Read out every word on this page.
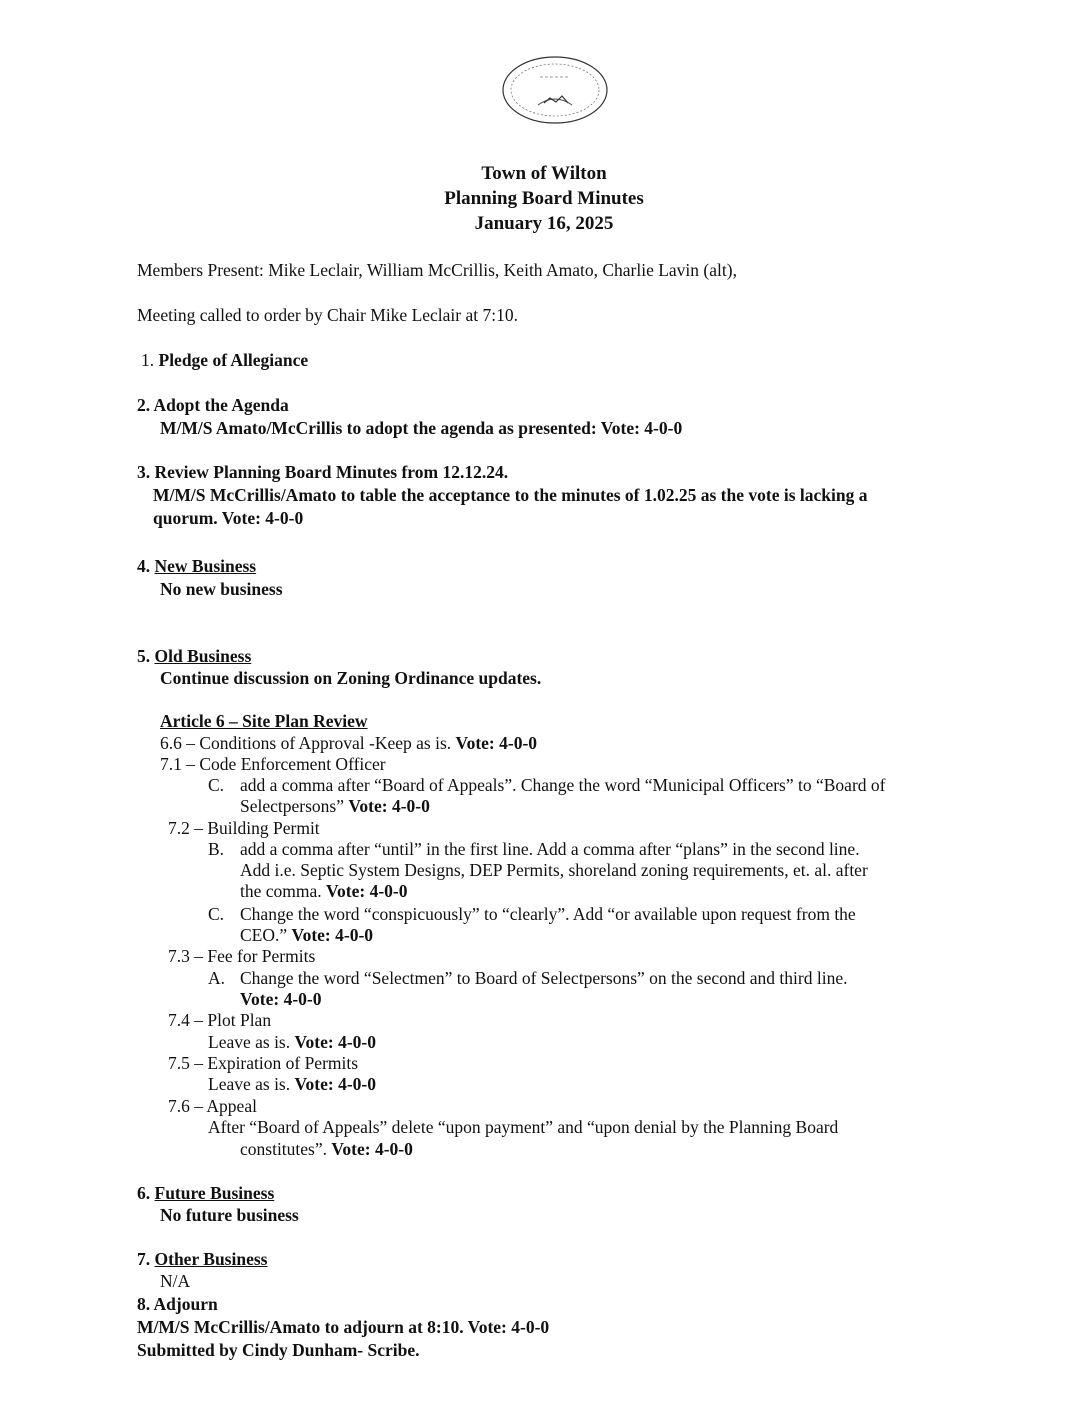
Town of Wilton
Planning Board Minutes
January 16, 2025
Members Present: Mike Leclair, William McCrillis, Keith Amato, Charlie Lavin (alt),
Meeting called to order by Chair Mike Leclair at 7:10.
1. Pledge of Allegiance
2. Adopt the Agenda
M/M/S Amato/McCrillis to adopt the agenda as presented: Vote: 4-0-0
3. Review Planning Board Minutes from 12.12.24.
M/M/S McCrillis/Amato to table the acceptance to the minutes of 1.02.25 as the vote is lacking a
quorum. Vote: 4-0-0
4. New Business
No new business
5. Old Business
Continue discussion on Zoning Ordinance updates.
Article 6 – Site Plan Review
6.6 – Conditions of Approval -Keep as is. Vote: 4-0-0
7.1 – Code Enforcement Officer
C. add a comma after “Board of Appeals”. Change the word “Municipal Officers” to “Board of
Selectpersons” Vote: 4-0-0
7.2 – Building Permit
B. add a comma after “until” in the first line. Add a comma after “plans” in the second line.
Add i.e. Septic System Designs, DEP Permits, shoreland zoning requirements, et. al. after
the comma. Vote: 4-0-0
C. Change the word “conspicuously” to “clearly”. Add “or available upon request from the
CEO.” Vote: 4-0-0
7.3 – Fee for Permits
A. Change the word “Selectmen” to Board of Selectpersons” on the second and third line.
Vote: 4-0-0
7.4 – Plot Plan
Leave as is. Vote: 4-0-0
7.5 – Expiration of Permits
Leave as is. Vote: 4-0-0
7.6 – Appeal
After “Board of Appeals” delete “upon payment” and “upon denial by the Planning Board
constitutes”. Vote: 4-0-0
6. Future Business
No future business
7. Other Business
N/A
8. Adjourn
M/M/S McCrillis/Amato to adjourn at 8:10. Vote: 4-0-0
Submitted by Cindy Dunham- Scribe.
